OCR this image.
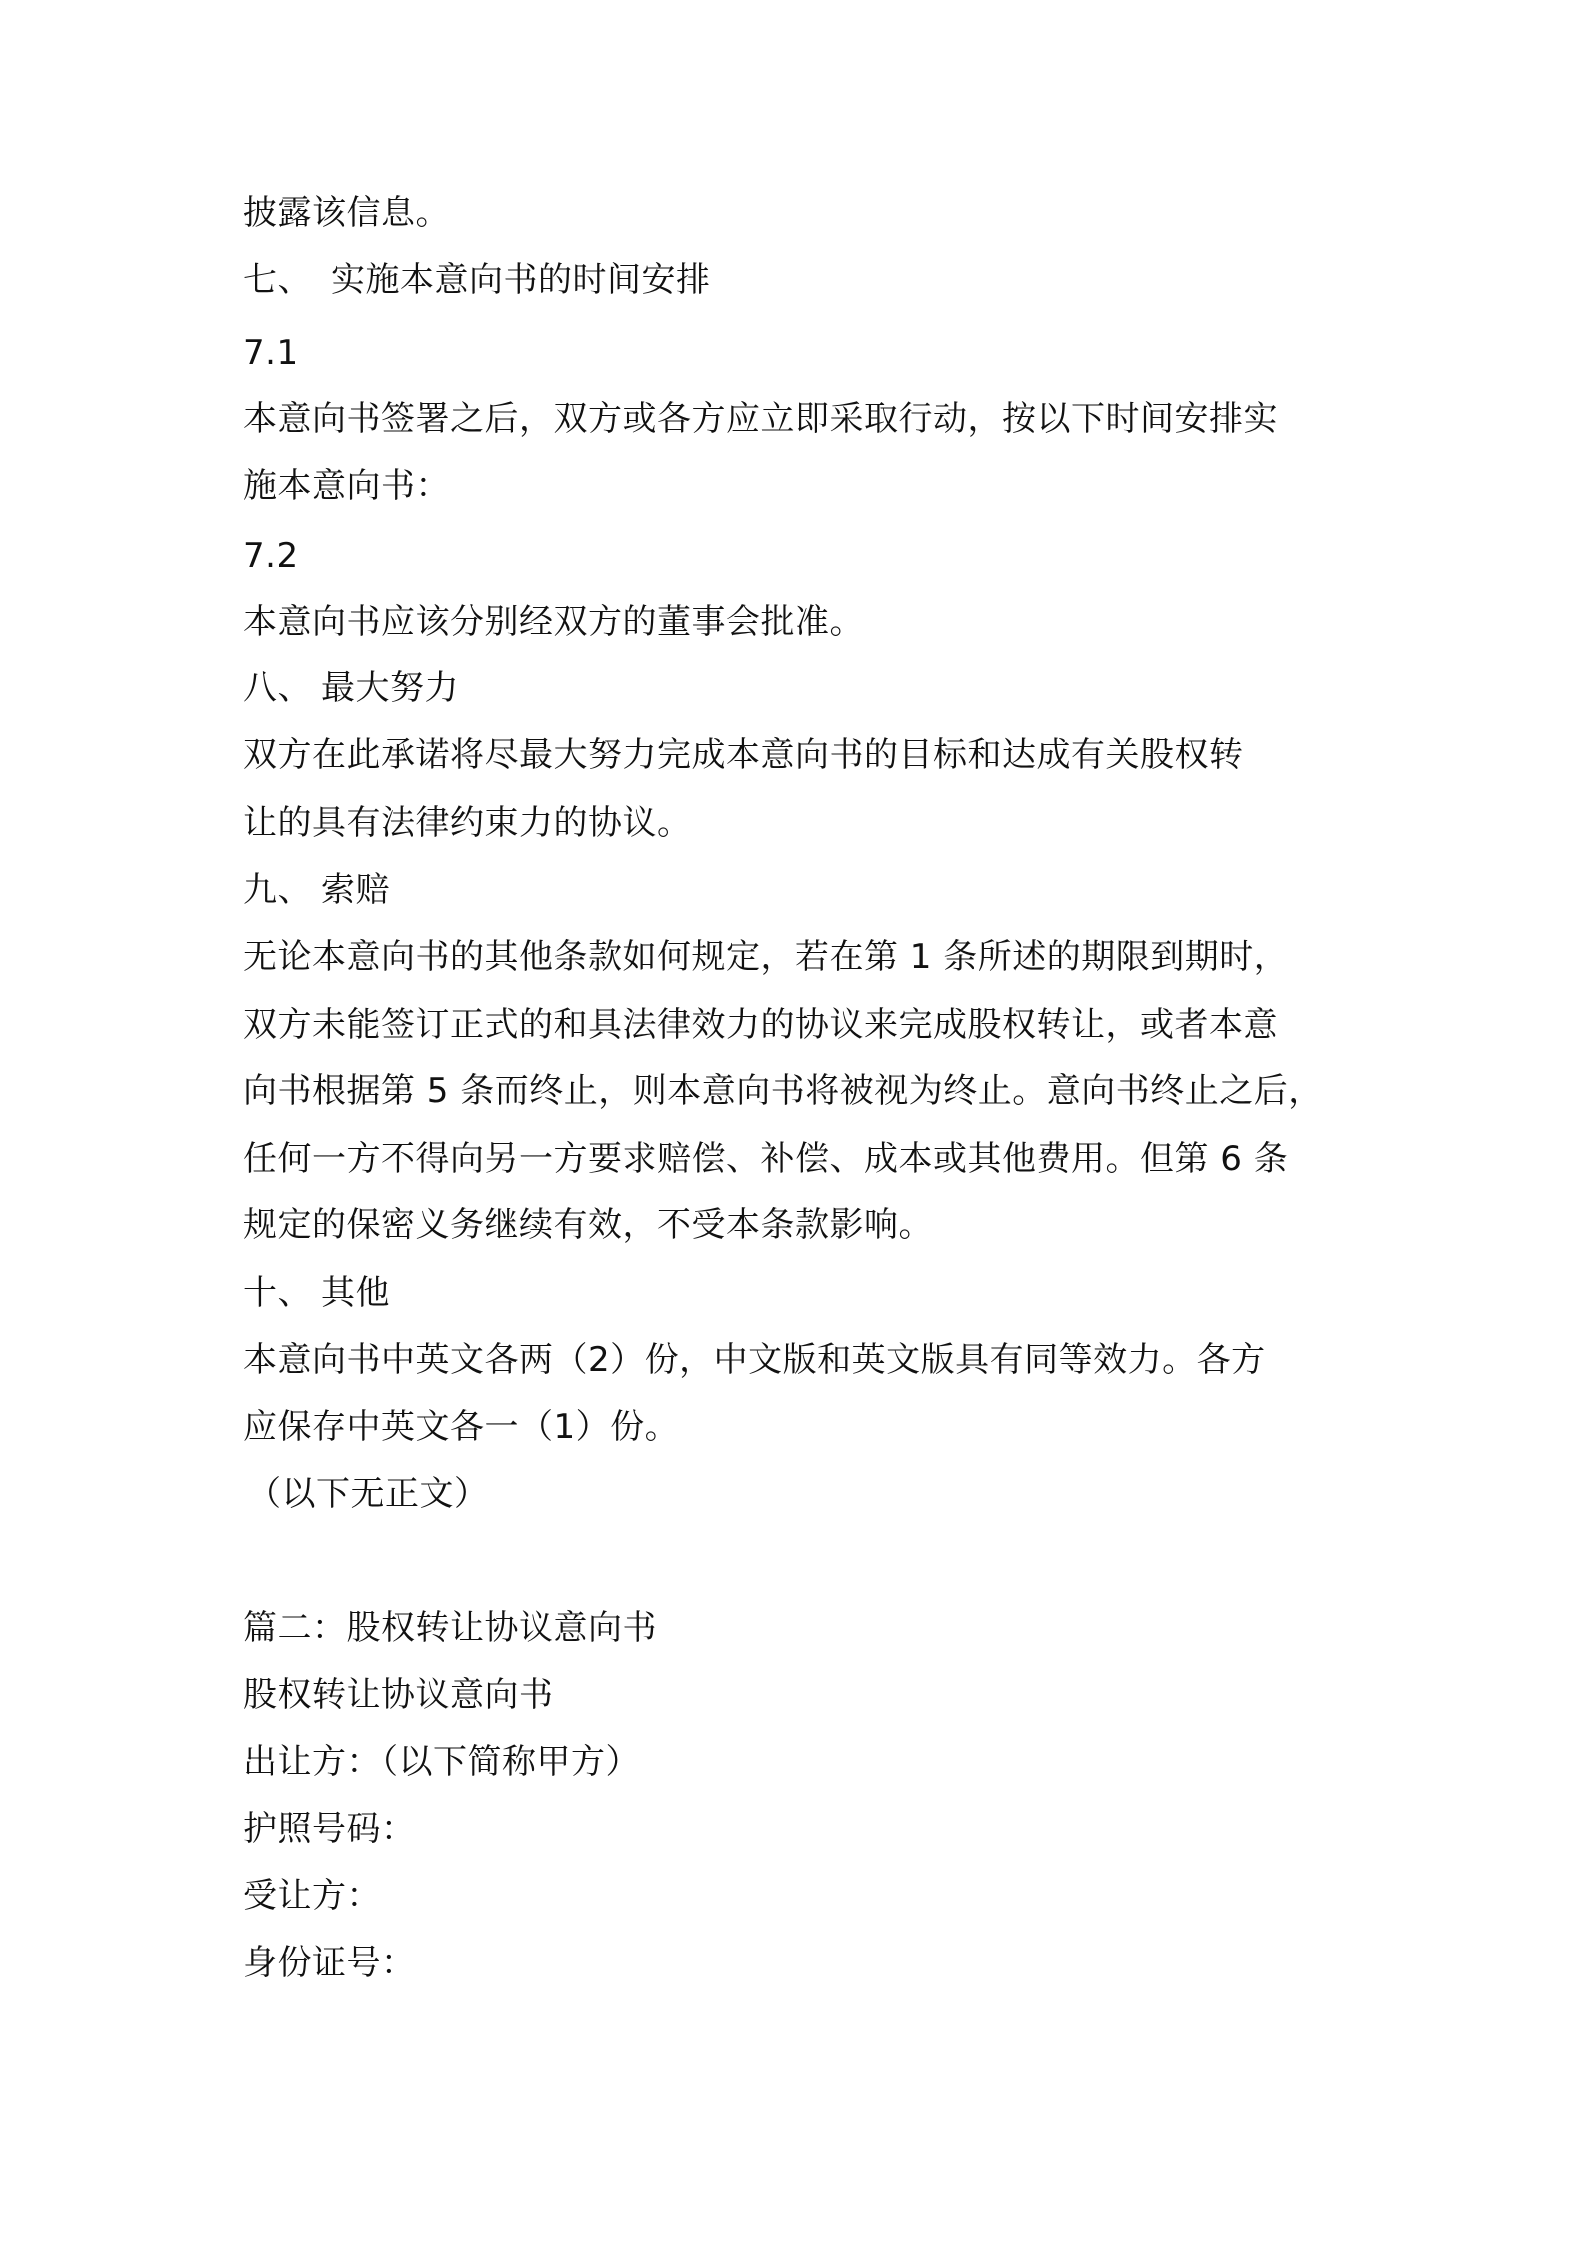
披露该信息。
七、 实施本意向书的时间安排
7.1
本意向书签署之后，双方或各方应立即采取行动，按以下时间安排实
施本意向书：
7.2
本意向书应该分别经双方的董事会批准。
八、 最大努力
双方在此承诺将尽最大努力完成本意向书的目标和达成有关股权转
让的具有法律约束力的协议。
九、 索赔
无论本意向书的其他条款如何规定，若在第 1 条所述的期限到期时，
双方未能签订正式的和具法律效力的协议来完成股权转让，或者本意
向书根据第 5 条而终止，则本意向书将被视为终止。意向书终止之后，
任何一方不得向另一方要求赔偿、补偿、成本或其他费用。但第 6 条
规定的保密义务继续有效，不受本条款影响。
十、 其他
本意向书中英文各两（2）份，中文版和英文版具有同等效力。各方
应保存中英文各一（1）份。
（以下无正文）
篇二：股权转让协议意向书
股权转让协议意向书
出让方：（以下简称甲方）
护照号码：
受让方：
身份证号：
